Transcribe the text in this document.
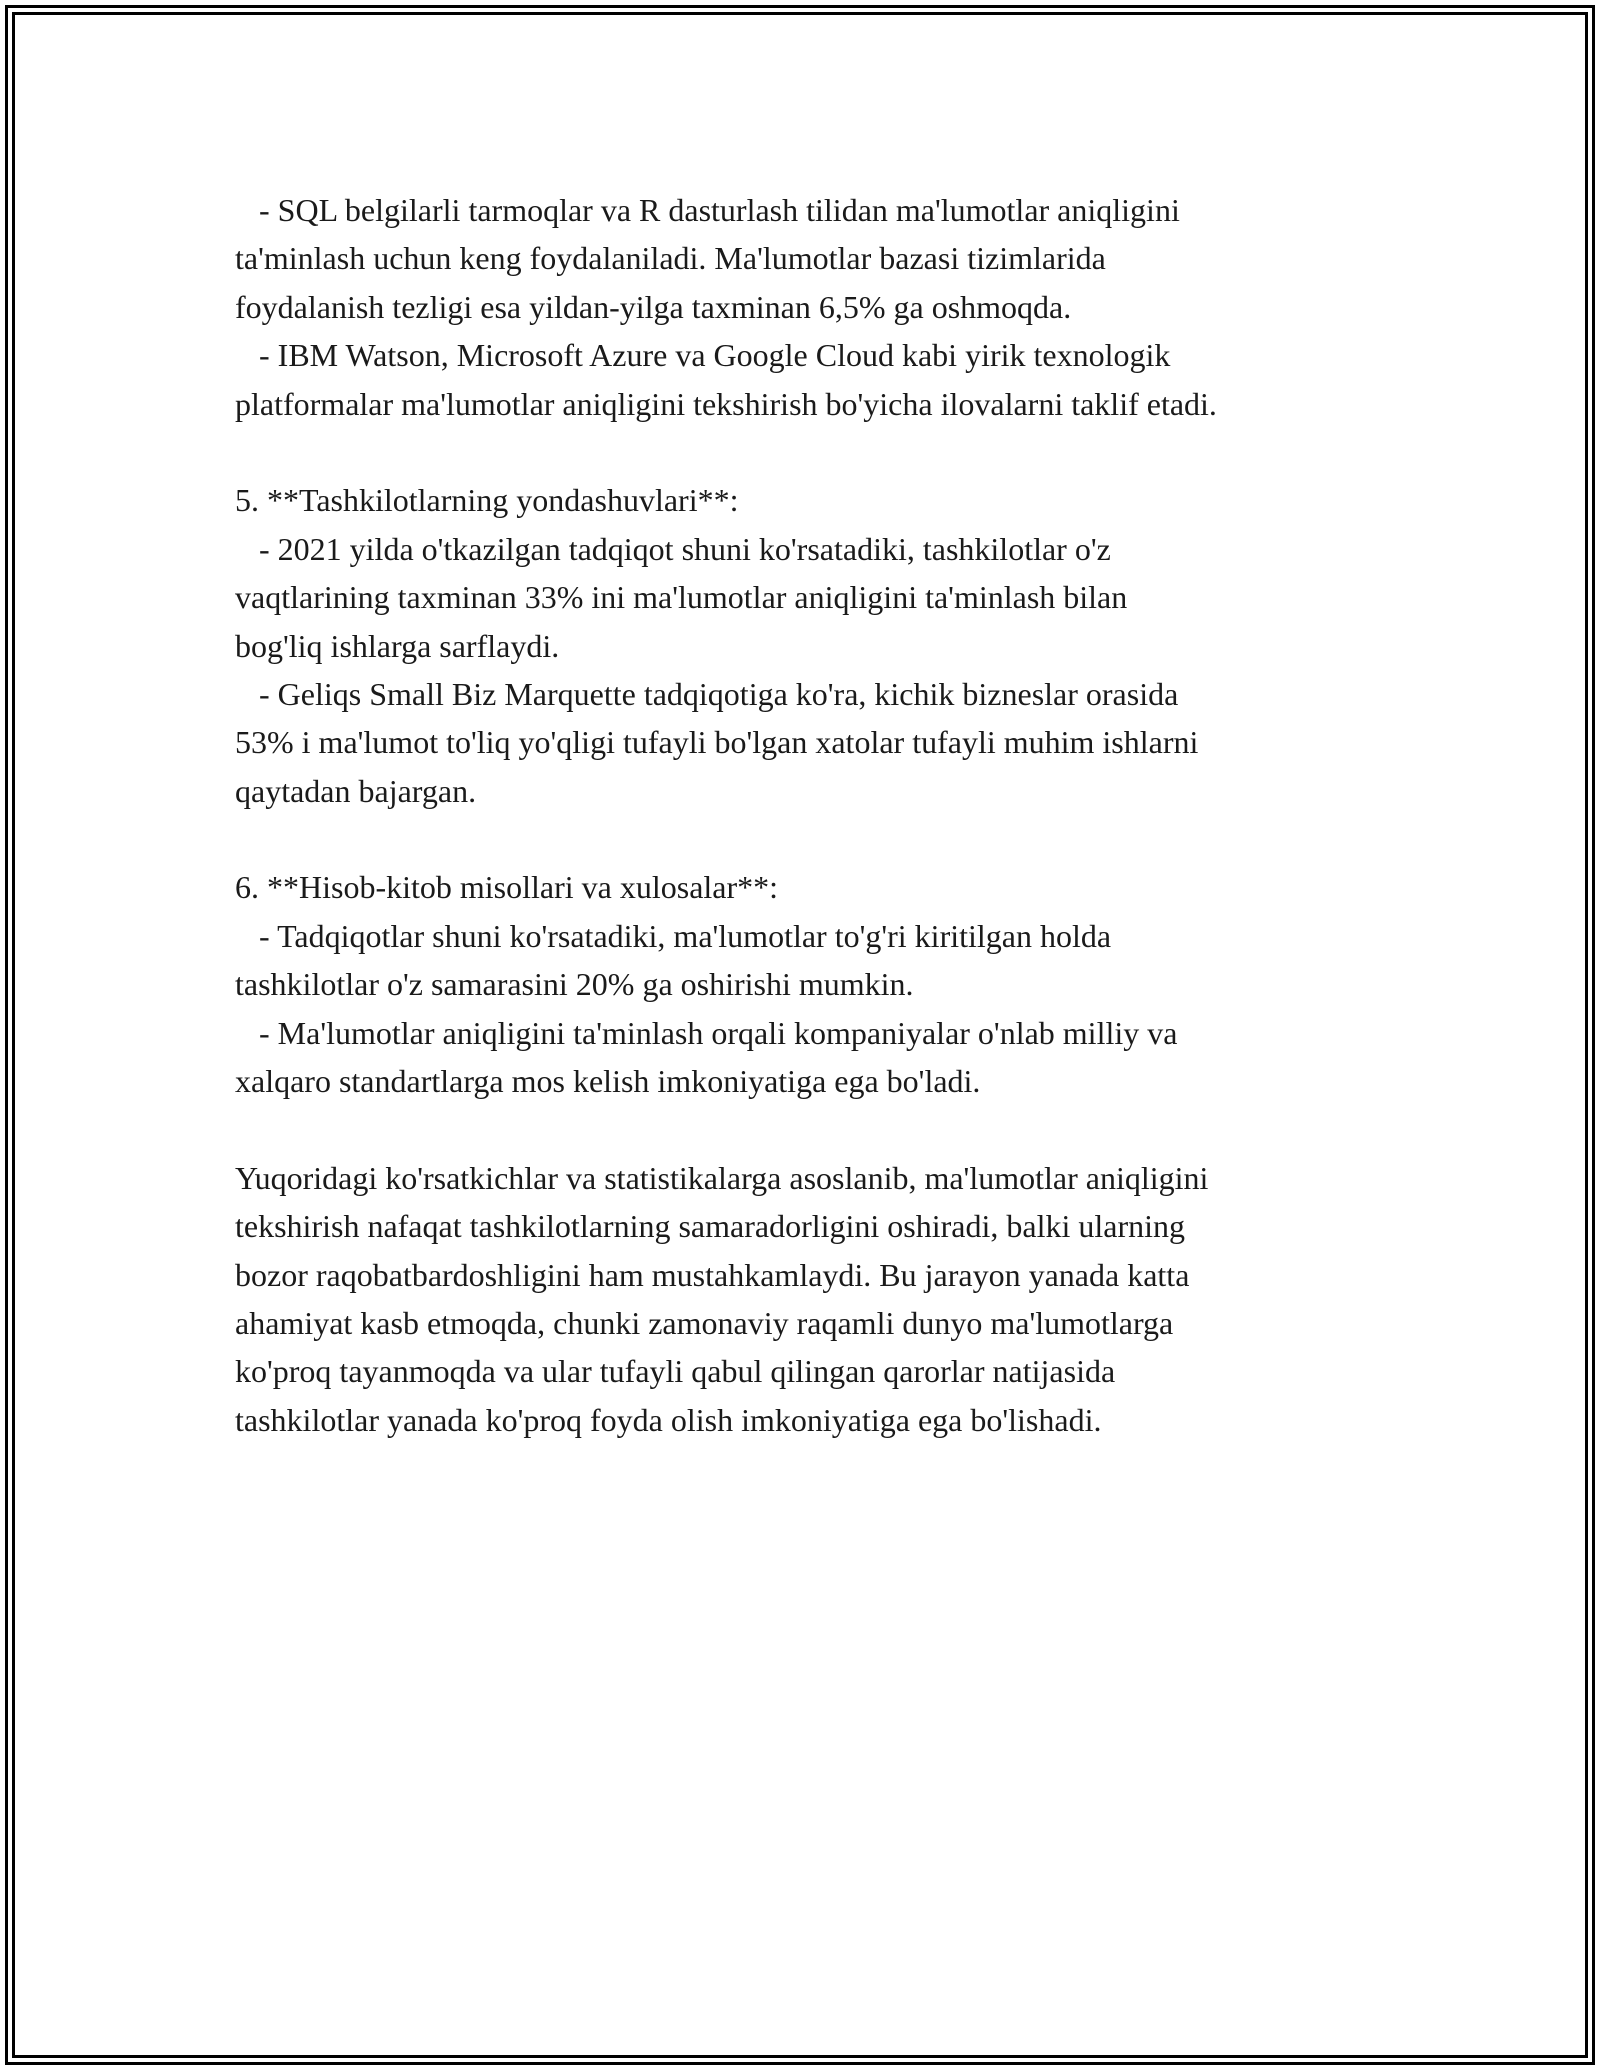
- SQL belgilarli tarmoqlar va R dasturlash tilidan ma'lumotlar aniqligini
ta'minlash uchun keng foydalaniladi. Ma'lumotlar bazasi tizimlarida
foydalanish tezligi esa yildan-yilga taxminan 6,5% ga oshmoqda.
- IBM Watson, Microsoft Azure va Google Cloud kabi yirik texnologik
platformalar ma'lumotlar aniqligini tekshirish bo'yicha ilovalarni taklif etadi.
5. **Tashkilotlarning yondashuvlari**:
- 2021 yilda o'tkazilgan tadqiqot shuni ko'rsatadiki, tashkilotlar o'z
vaqtlarining taxminan 33% ini ma'lumotlar aniqligini ta'minlash bilan
bog'liq ishlarga sarflaydi.
- Geliqs Small Biz Marquette tadqiqotiga ko'ra, kichik bizneslar orasida
53% i ma'lumot to'liq yo'qligi tufayli bo'lgan xatolar tufayli muhim ishlarni
qaytadan bajargan.
6. **Hisob-kitob misollari va xulosalar**:
- Tadqiqotlar shuni ko'rsatadiki, ma'lumotlar to'g'ri kiritilgan holda
tashkilotlar o'z samarasini 20% ga oshirishi mumkin.
- Ma'lumotlar aniqligini ta'minlash orqali kompaniyalar o'nlab milliy va
xalqaro standartlarga mos kelish imkoniyatiga ega bo'ladi.
Yuqoridagi ko'rsatkichlar va statistikalarga asoslanib, ma'lumotlar aniqligini
tekshirish nafaqat tashkilotlarning samaradorligini oshiradi, balki ularning
bozor raqobatbardoshligini ham mustahkamlaydi. Bu jarayon yanada katta
ahamiyat kasb etmoqda, chunki zamonaviy raqamli dunyo ma'lumotlarga
ko'proq tayanmoqda va ular tufayli qabul qilingan qarorlar natijasida
tashkilotlar yanada ko'proq foyda olish imkoniyatiga ega bo'lishadi.
